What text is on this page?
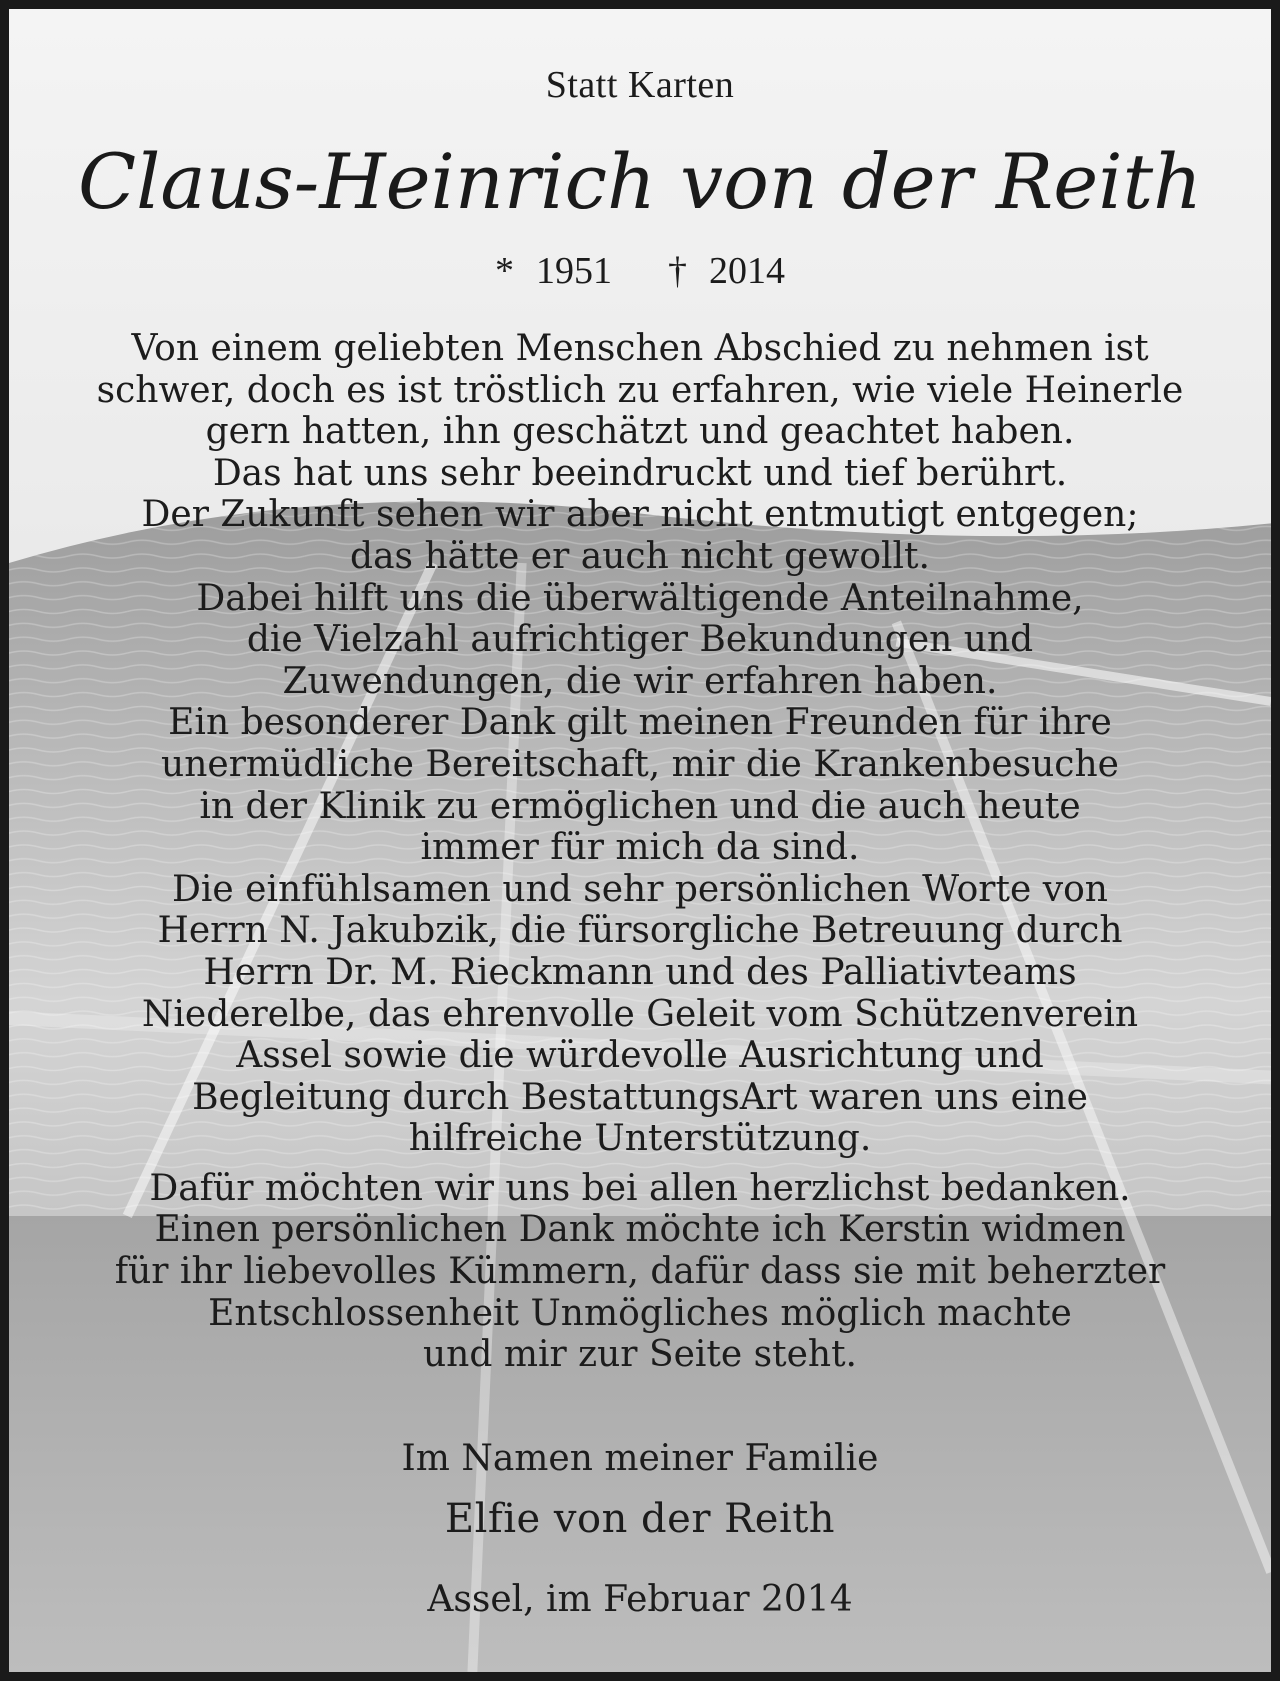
Statt Karten
Claus-Heinrich von der Reith
* 1951 † 2014
Von einem geliebten Menschen Abschied zu nehmen ist
schwer, doch es ist tröstlich zu erfahren, wie viele Heinerle
gern hatten, ihn geschätzt und geachtet haben.
Das hat uns sehr beeindruckt und tief berührt.
Der Zukunft sehen wir aber nicht entmutigt entgegen;
das hätte er auch nicht gewollt.
Dabei hilft uns die überwältigende Anteilnahme,
die Vielzahl aufrichtiger Bekundungen und
Zuwendungen, die wir erfahren haben.
Ein besonderer Dank gilt meinen Freunden für ihre
unermüdliche Bereitschaft, mir die Krankenbesuche
in der Klinik zu ermöglichen und die auch heute
immer für mich da sind.
Die einfühlsamen und sehr persönlichen Worte von
Herrn N. Jakubzik, die fürsorgliche Betreuung durch
Herrn Dr. M. Rieckmann und des Palliativteams
Niederelbe, das ehrenvolle Geleit vom Schützenverein
Assel sowie die würdevolle Ausrichtung und
Begleitung durch BestattungsArt waren uns eine
hilfreiche Unterstützung.
Dafür möchten wir uns bei allen herzlichst bedanken.
Einen persönlichen Dank möchte ich Kerstin widmen
für ihr liebevolles Kümmern, dafür dass sie mit beherzter
Entschlossenheit Unmögliches möglich machte
und mir zur Seite steht.
Im Namen meiner Familie
Elfie von der Reith
Assel, im Februar 2014
